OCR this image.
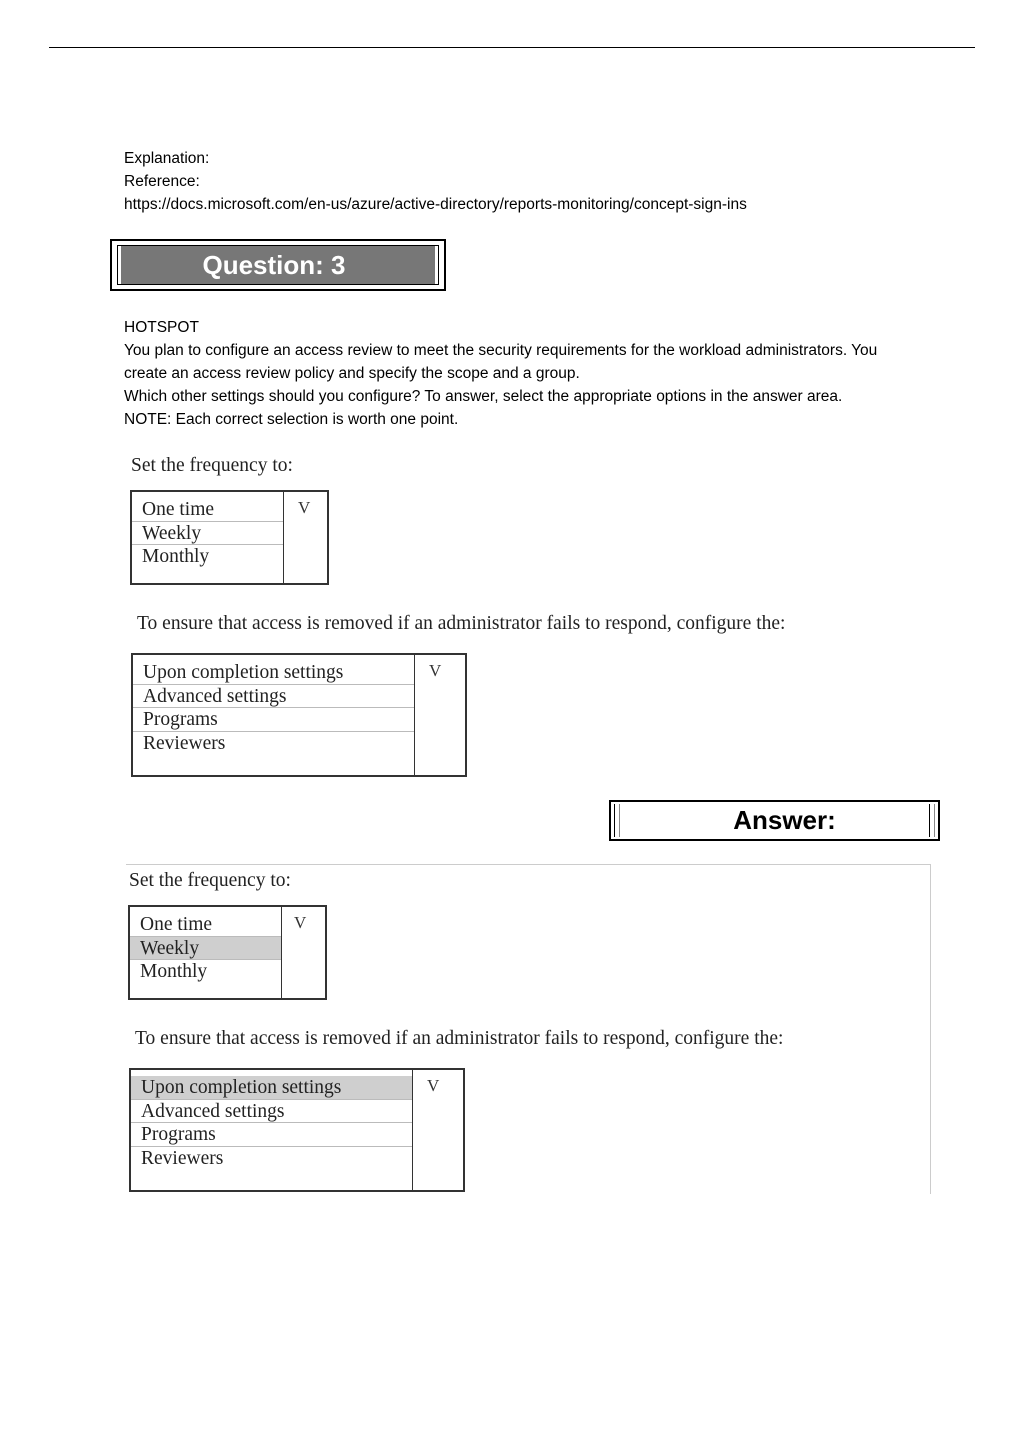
Explanation:

Reference:

https://docs.microsoft.com/en-us/azure/active-directory/reports-monitoring/concept-sign-ins

Question: 3

HOTSPOT

You plan to configure an access review to meet the security requirements for the workload administrators. You create an access review policy and specify the scope and a group.

Which other settings should you configure? To answer, select the appropriate options in the answer area.

NOTE: Each correct selection is worth one point.

Set the frequency to:
One time
Weekly
Monthly
V
To ensure that access is removed if an administrator fails to respond, configure the:
Upon completion settings
Advanced settings
Programs
Reviewers
V
Answer:
Set the frequency to:
One time
Weekly
Monthly
V
To ensure that access is removed if an administrator fails to respond, configure the:
Upon completion settings
Advanced settings
Programs
Reviewers
V
